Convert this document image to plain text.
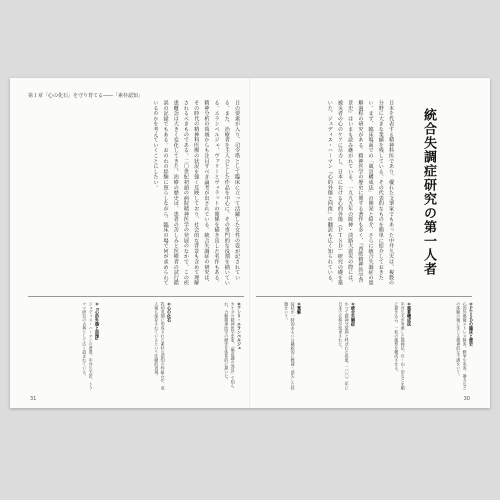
第１章「心の化石」を守り育てる――「素朴認知」
日の要素が入り、司令塔として臨床に立って活躍した女性の姿が記されている。また、治療者を主人公とした作品を中心に、その専門的な役割を描いている。エランベルジェ、ヴァリーとヴィラットの関係を描き出した名作もある。精神分析の領域からも注目すべき論考が出されている。統合失調症の研究は、その時代の精神科医療の状況を強く反映しており、社会的な背景も含めて理解されるべきものである。二〇世紀初頭の病院精神医学の発展のなかで、この疾患概念は大きく変化してきた。治療の歴史は、患者の苦しみと医療者の試行錯誤の記録でもある。おのれの経験に照らしながら、臨床の場で何が求められているのかを考えていくことにしたい。
＊アンリ・エランベルジェ
カナダの精神医学史家。『無意識の発見』で知られ、力動精神医学の歴史を体系的に描いた。
＊心の化石
乳幼児期に形成された素朴な認知の枠組みが、成人後も保存されているという比喩的表現。
＊『心的外傷と回復』
ジュディス・ハーマンの著書。中井久夫訳。トラウマ研究の古典として広く読まれている。
31
日本を代表する精神科医であり、優れた文筆家でもあった中井久夫は、複数の分野に大きな業績を残している。その代表的なものを簡単に紹介しておきたい。まず、臨床場面での「風景構成法」の開発と紹介、さらに統合失調症の寛解過程の研究がある。精神医学の歴史に関する著作も多く、『西欧精神医学背景史』はいまも読み継がれている。一九九五年の阪神・淡路大震災の際には、被災者の心のケアに尽力し、日本における心的外傷（ＰＴＳＤ）研究の礎を築いた。ジュディス・ハーマン『心的外傷と回復』の翻訳も広く知られている。	統合失調症研究の第一人者
＊ＰＴＳＤの臨床と歴史
心的外傷後ストレス障害。戦争や災害、暴力などの体験の後に生じる精神的な不調をいう。
＊風景構成法
中井久夫が考案した描画法。川・山・田などを順に描き込み、一枚の風景を構成させる。
＊統合失調症
かつて精神分裂病と呼ばれた疾患。二〇〇二年に日本で名称が変更された。
＊寛解
症状が一時的あるいは継続的に軽減・消失した状態をいう。
30
